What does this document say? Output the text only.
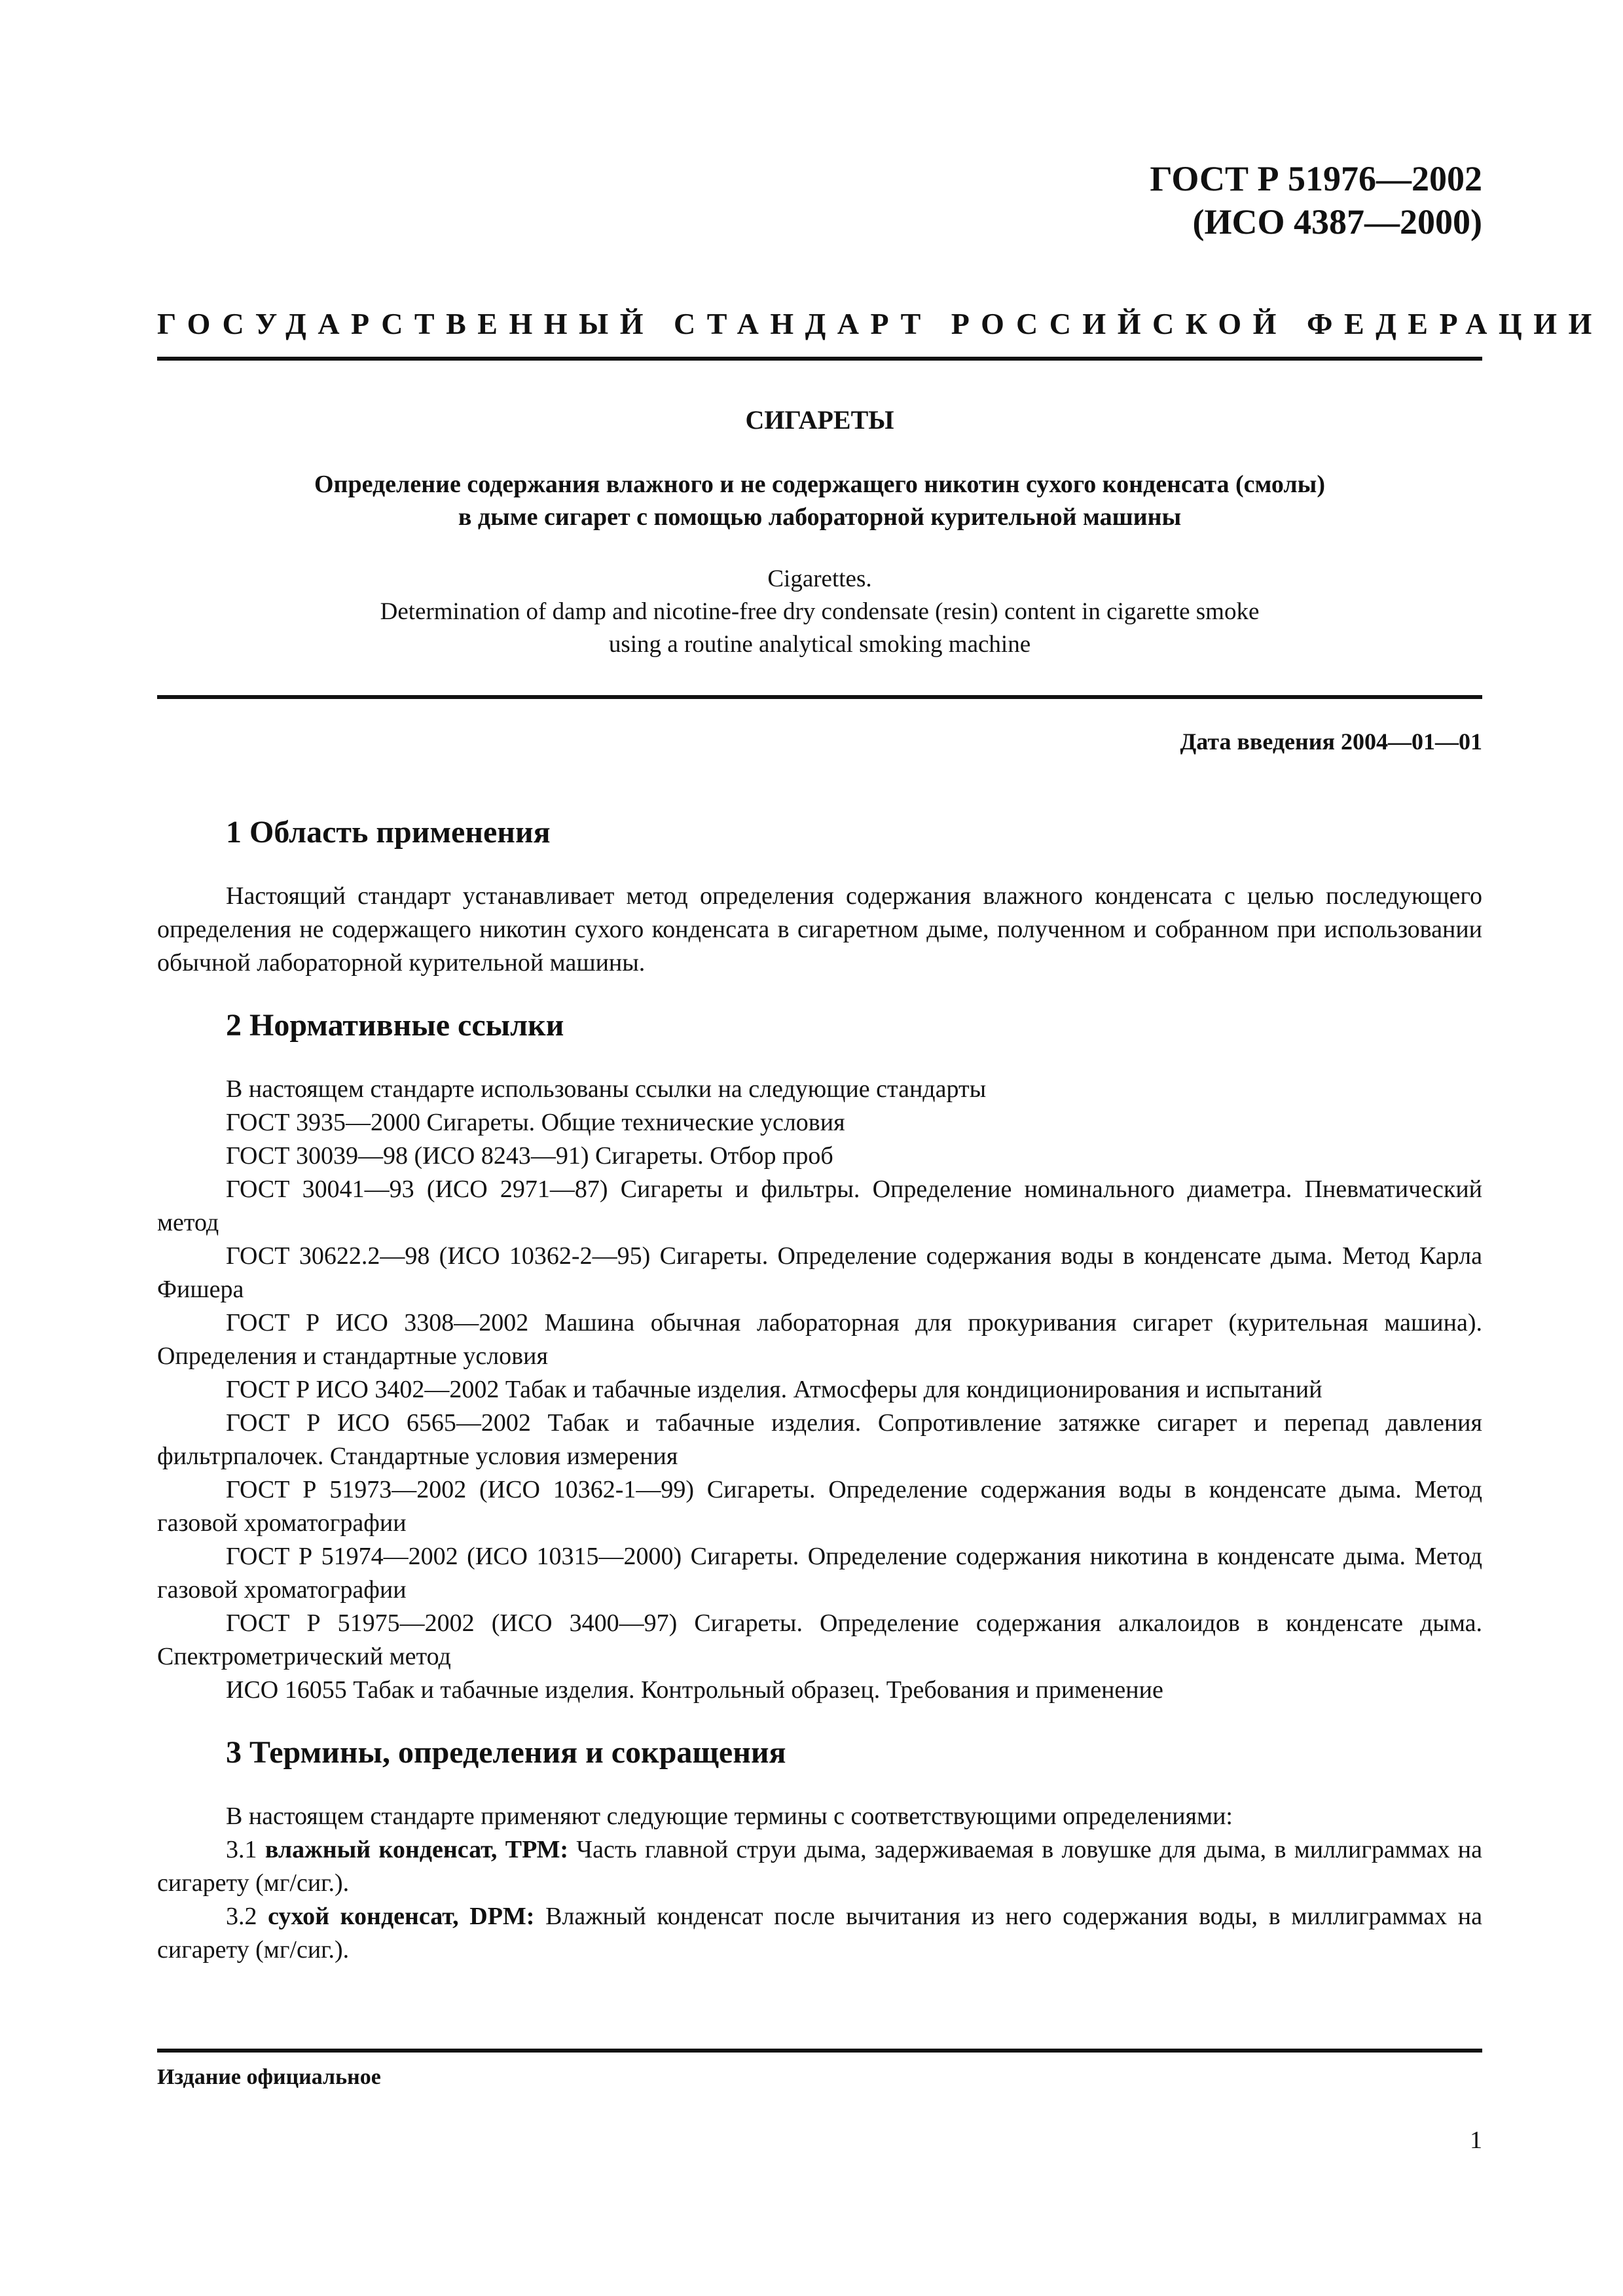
ГОСТ Р 51976—2002
(ИСО 4387—2000)
ГОСУДАРСТВЕННЫЙ СТАНДАРТ РОССИЙСКОЙ ФЕДЕРАЦИИ
СИГАРЕТЫ
Определение содержания влажного и не содержащего никотин сухого конденсата (смолы)
в дыме сигарет с помощью лабораторной курительной машины
Cigarettes.
Determination of damp and nicotine-free dry condensate (resin) content in cigarette smoke
using a routine analytical smoking machine
Дата введения 2004—01—01
1 Область применения

Настоящий стандарт устанавливает метод определения содержания влажного конденсата с целью последующего определения не содержащего никотин сухого конденсата в сигаретном дыме, полученном и собранном при использовании обычной лабораторной курительной машины.

2 Нормативные ссылки

В настоящем стандарте использованы ссылки на следующие стандарты

ГОСТ 3935—2000 Сигареты. Общие технические условия

ГОСТ 30039—98 (ИСО 8243—91) Сигареты. Отбор проб

ГОСТ 30041—93 (ИСО 2971—87) Сигареты и фильтры. Определение номинального диаметра. Пневматический метод

ГОСТ 30622.2—98 (ИСО 10362-2—95) Сигареты. Определение содержания воды в конденсате дыма. Метод Карла Фишера

ГОСТ Р ИСО 3308—2002 Машина обычная лабораторная для прокуривания сигарет (курительная машина). Определения и стандартные условия

ГОСТ Р ИСО 3402—2002 Табак и табачные изделия. Атмосферы для кондиционирования и испытаний

ГОСТ Р ИСО 6565—2002 Табак и табачные изделия. Сопротивление затяжке сигарет и перепад давления фильтрпалочек. Стандартные условия измерения

ГОСТ Р 51973—2002 (ИСО 10362-1—99) Сигареты. Определение содержания воды в конденсате дыма. Метод газовой хроматографии

ГОСТ Р 51974—2002 (ИСО 10315—2000) Сигареты. Определение содержания никотина в конденсате дыма. Метод газовой хроматографии

ГОСТ Р 51975—2002 (ИСО 3400—97) Сигареты. Определение содержания алкалоидов в конденсате дыма. Спектрометрический метод

ИСО 16055 Табак и табачные изделия. Контрольный образец. Требования и применение

3 Термины, определения и сокращения

В настоящем стандарте применяют следующие термины с соответствующими определениями:

3.1 влажный конденсат, ТРМ: Часть главной струи дыма, задерживаемая в ловушке для дыма, в миллиграммах на сигарету (мг/сиг.).

3.2 сухой конденсат, DPM: Влажный конденсат после вычитания из него содержания воды, в миллиграммах на сигарету (мг/сиг.).

Издание официальное
1
